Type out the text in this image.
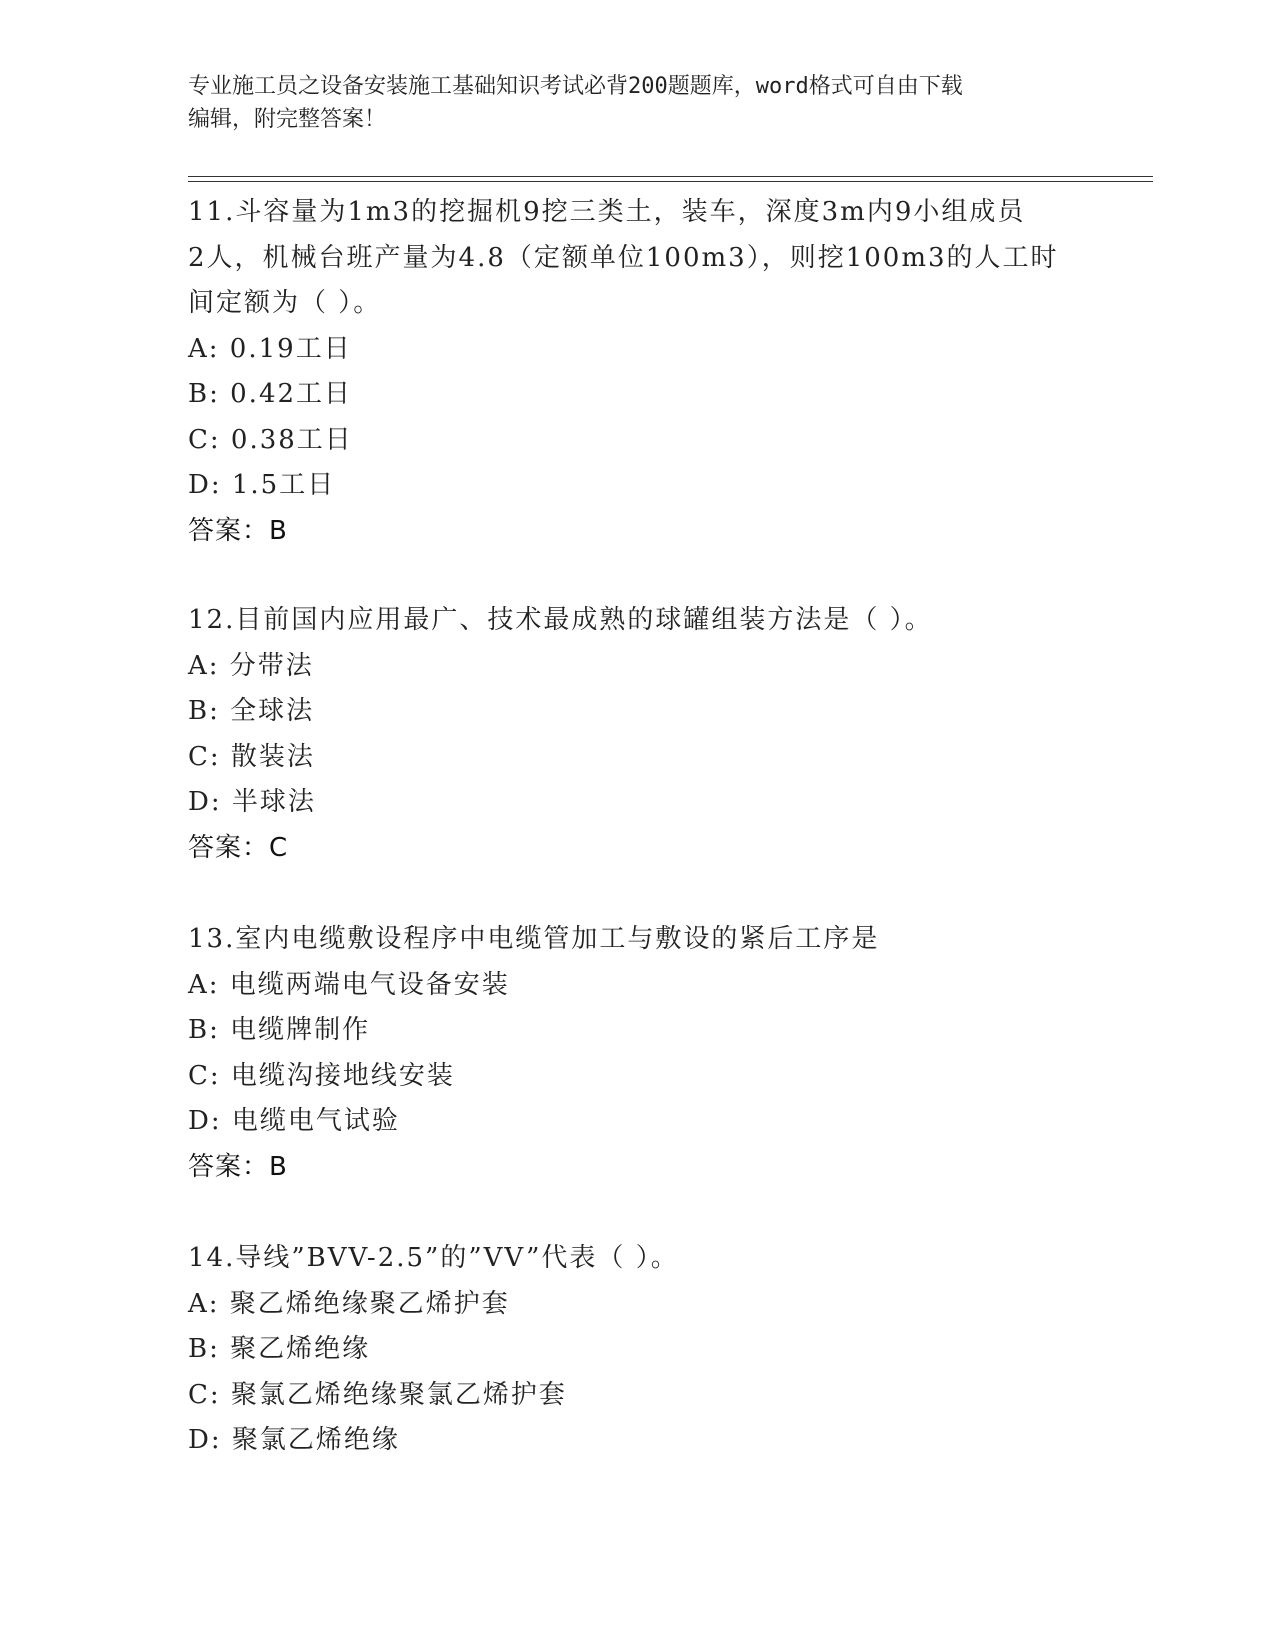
专业施工员之设备安装施工基础知识考试必背200题题库，word格式可自由下载
编辑，附完整答案！
11.斗容量为1m3的挖掘机9挖三类土，装车，深度3m内9小组成员
2人，机械台班产量为4.8（定额单位100m3），则挖100m3的人工时
间定额为（ ）。
A: 0.19工日
B: 0.42工日
C: 0.38工日
D: 1.5工日
答案：B
12.目前国内应用最广、技术最成熟的球罐组装方法是（ ）。
A: 分带法
B: 全球法
C: 散装法
D: 半球法
答案：C
13.室内电缆敷设程序中电缆管加工与敷设的紧后工序是
A: 电缆两端电气设备安装
B: 电缆牌制作
C: 电缆沟接地线安装
D: 电缆电气试验
答案：B
14.导线”BVV-2.5”的”VV”代表（ ）。
A: 聚乙烯绝缘聚乙烯护套
B: 聚乙烯绝缘
C: 聚氯乙烯绝缘聚氯乙烯护套
D: 聚氯乙烯绝缘
